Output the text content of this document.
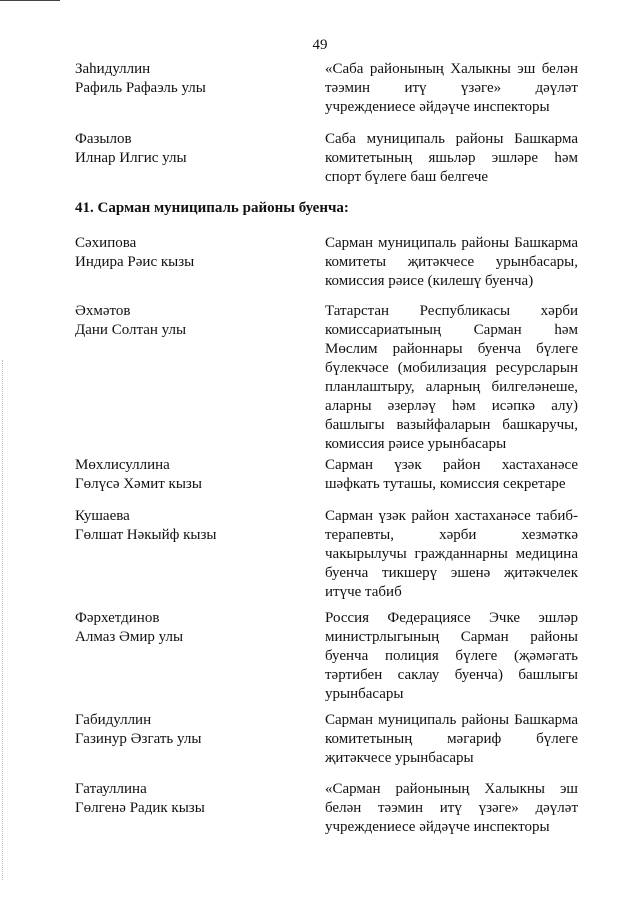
49
Заһидуллин
Рафиль Рафаэль улы
«Саба районының Халыкны эш белән
тәэмин итү үзәге» дәүләт
учреждениесе әйдәүче инспекторы
Фазылов
Илнар Илгис улы
Саба муниципаль районы Башкарма
комитетының яшьләр эшләре һәм
спорт бүлеге баш белгече
41. Сарман муниципаль районы буенча:
Сәхипова
Индира Рәис кызы
Сарман муниципаль районы Башкарма
комитеты җитәкчесе урынбасары,
комиссия рәисе (килешү буенча)
Әхмәтов
Дани Солтан улы
Татарстан Республикасы хәрби
комиссариатының Сарман һәм
Мөслим районнары буенча бүлеге
бүлекчәсе (мобилизация ресурсларын
планлаштыру, аларның билгеләнеше,
аларны әзерләү һәм исәпкә алу)
башлыгы вазыйфаларын башкаручы,
комиссия рәисе урынбасары
Мөхлисуллина
Гөлүсә Хәмит кызы
Сарман үзәк район хастаханәсе
шәфкать туташы, комиссия секретаре
Кушаева
Гөлшат Нәкыйф кызы
Сарман үзәк район хастаханәсе табиб-
терапевты, хәрби хезмәткә
чакырылучы гражданнарны медицина
буенча тикшерү эшенә җитәкчелек
итүче табиб
Фәрхетдинов
Алмаз Әмир улы
Россия Федерациясе Эчке эшләр
министрлыгының Сарман районы
буенча полиция бүлеге (җәмәгать
тәртибен саклау буенча) башлыгы
урынбасары
Габидуллин
Газинур Әзгать улы
Сарман муниципаль районы Башкарма
комитетының мәгариф бүлеге
җитәкчесе урынбасары
Гатауллина
Гөлгенә Радик кызы
«Сарман районының Халыкны эш
белән тәэмин итү үзәге» дәүләт
учреждениесе әйдәүче инспекторы
